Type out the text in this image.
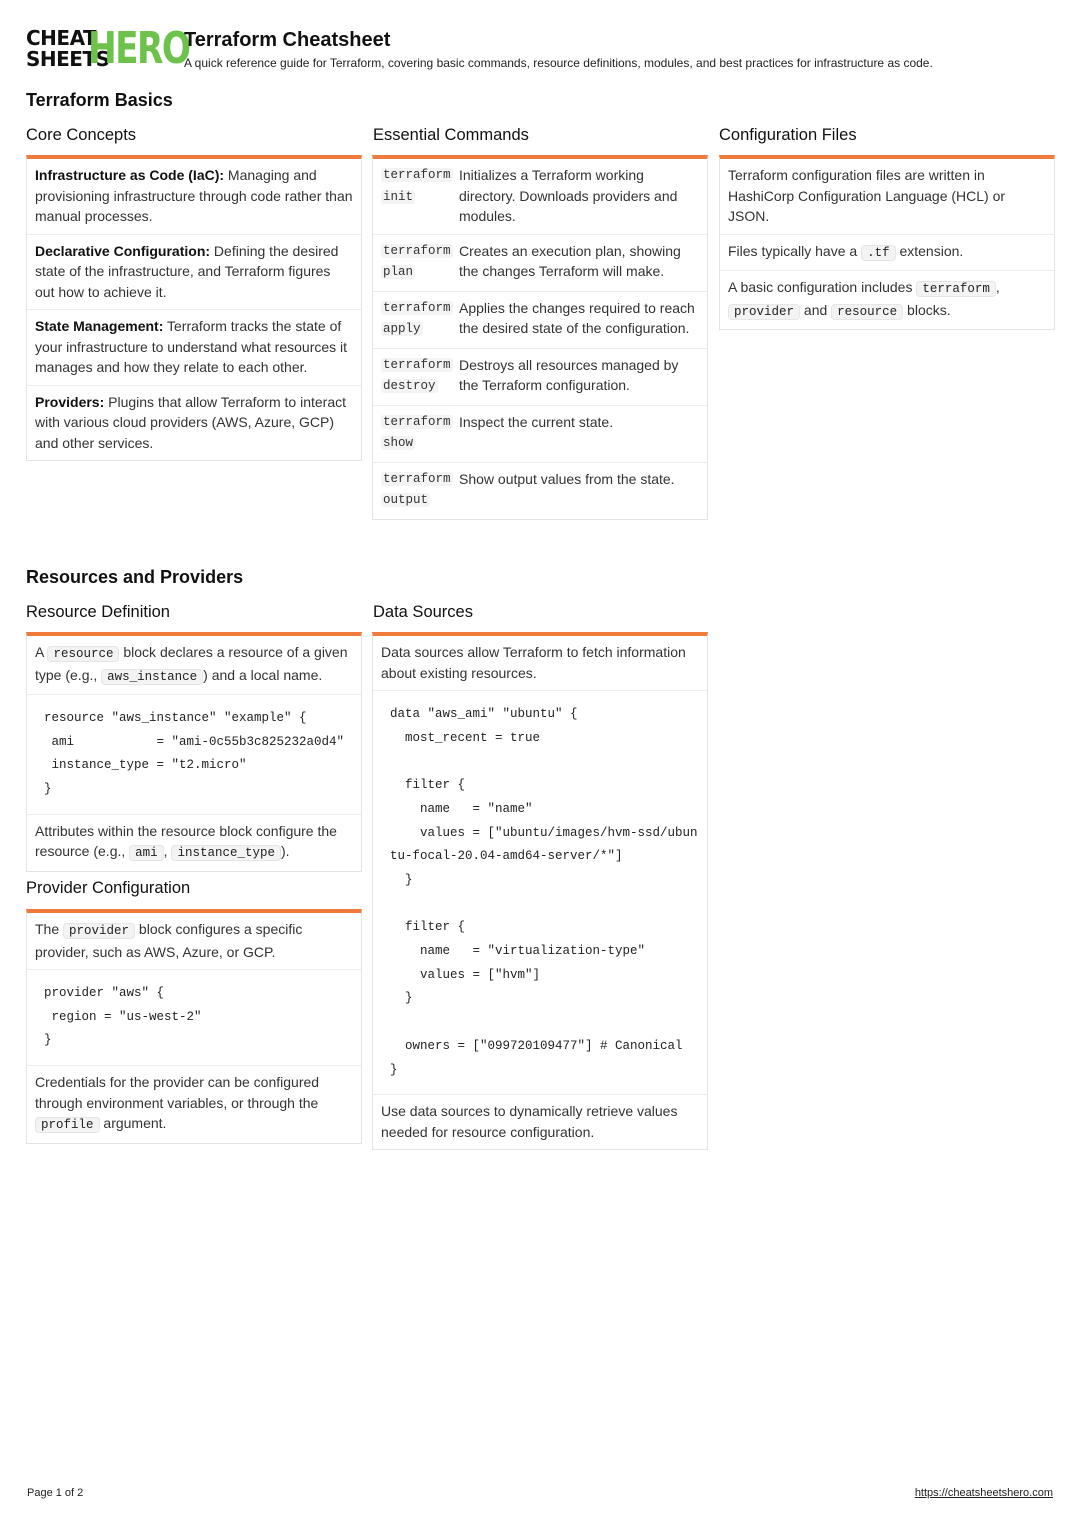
CHEAT
SHEETS
HERO
Terraform Cheatsheet
A quick reference guide for Terraform, covering basic commands, resource definitions, modules, and best practices for infrastructure as code.
Terraform Basics
Core Concepts
Infrastructure as Code (IaC): Managing and provisioning infrastructure through code rather than manual processes.
Declarative Configuration: Defining the desired state of the infrastructure, and Terraform figures out how to achieve it.
State Management: Terraform tracks the state of your infrastructure to understand what resources it manages and how they relate to each other.
Providers: Plugins that allow Terraform to interact with various cloud providers (AWS, Azure, GCP) and other services.
Essential Commands
terraform init
Initializes a Terraform working directory. Downloads providers and modules.
terraform plan
Creates an execution plan, showing the changes Terraform will make.
terraform apply
Applies the changes required to reach the desired state of the configuration.
terraform destroy
Destroys all resources managed by the Terraform configuration.
terraform show
Inspect the current state.
terraform output
Show output values from the state.
Configuration Files
Terraform configuration files are written in HashiCorp Configuration Language (HCL) or JSON.
Files typically have a .tf extension.
A basic configuration includes terraform , provider and resource blocks.
Resources and Providers
Resource Definition
A resource block declares a resource of a given type (e.g., aws_instance ) and a local name.
resource "aws_instance" "example" {
ami           = "ami-0c55b3c825232a0d4"
instance_type = "t2.micro"
}
Attributes within the resource block configure the resource (e.g., ami , instance_type ).
Provider Configuration
The provider block configures a specific provider, such as AWS, Azure, or GCP.
provider "aws" {
region = "us-west-2"
}
Credentials for the provider can be configured through environment variables, or through the profile argument.
Data Sources
Data sources allow Terraform to fetch information about existing resources.
data "aws_ami" "ubuntu" {
most_recent = true

filter {
name   = "name"
values = ["ubuntu/images/hvm-ssd/ubuntu-focal-20.04-amd64-server/*"]
}

filter {
name   = "virtualization-type"
values = ["hvm"]
}

owners = ["099720109477"] # Canonical
}
Use data sources to dynamically retrieve values needed for resource configuration.
Page 1 of 2	https://cheatsheetshero.com
